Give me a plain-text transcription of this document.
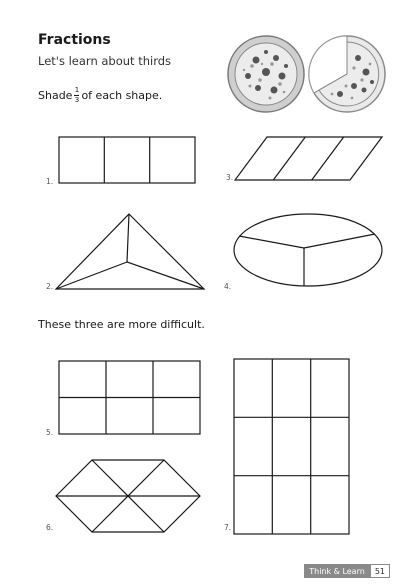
Fractions
Let's learn about thirds
Shade $\frac{1}{3}$ of each shape.
1.	3.
2.	4.
These three are more difficult.
5.
6.	7.
Think & Learn	51
